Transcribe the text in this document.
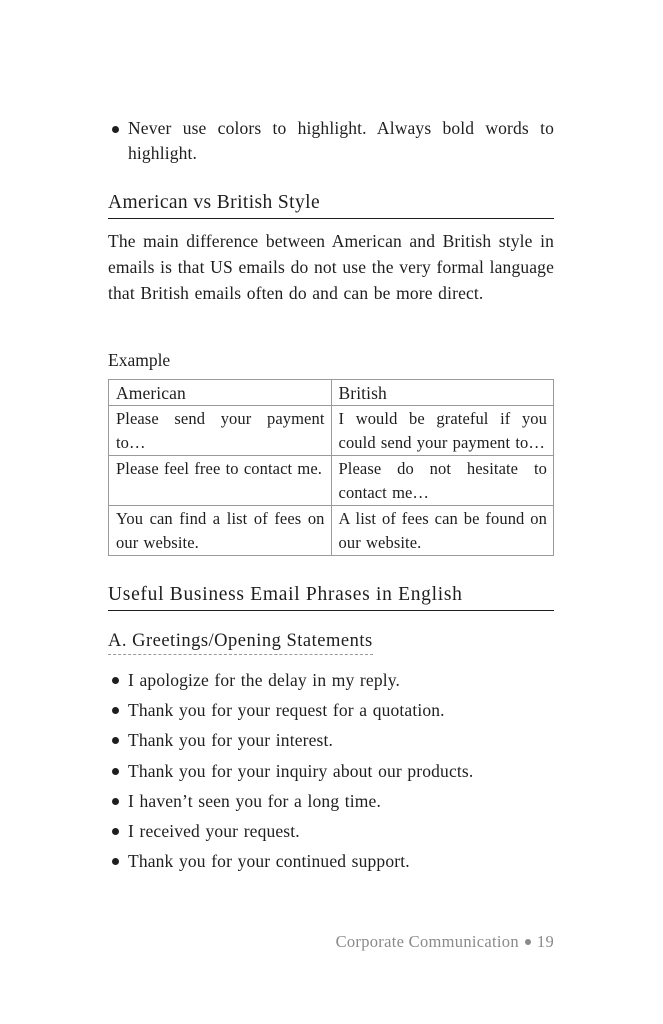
Never use colors to highlight. Always bold words to highlight.
American vs British Style
The main difference between American and British style in emails is that US emails do not use the very formal language that British emails often do and can be more direct.
Example
American	British
Please send your payment to…	I would be grateful if you could send your payment to…
Please feel free to contact me.	Please do not hesitate to contact me…
You can find a list of fees on our website.	A list of fees can be found on our website.
Useful Business Email Phrases in English
A. Greetings/Opening Statements
I apologize for the delay in my reply.
Thank you for your request for a quotation.
Thank you for your interest.
Thank you for your inquiry about our products.
I haven’t seen you for a long time.
I received your request.
Thank you for your continued support.
Corporate Communication 19
